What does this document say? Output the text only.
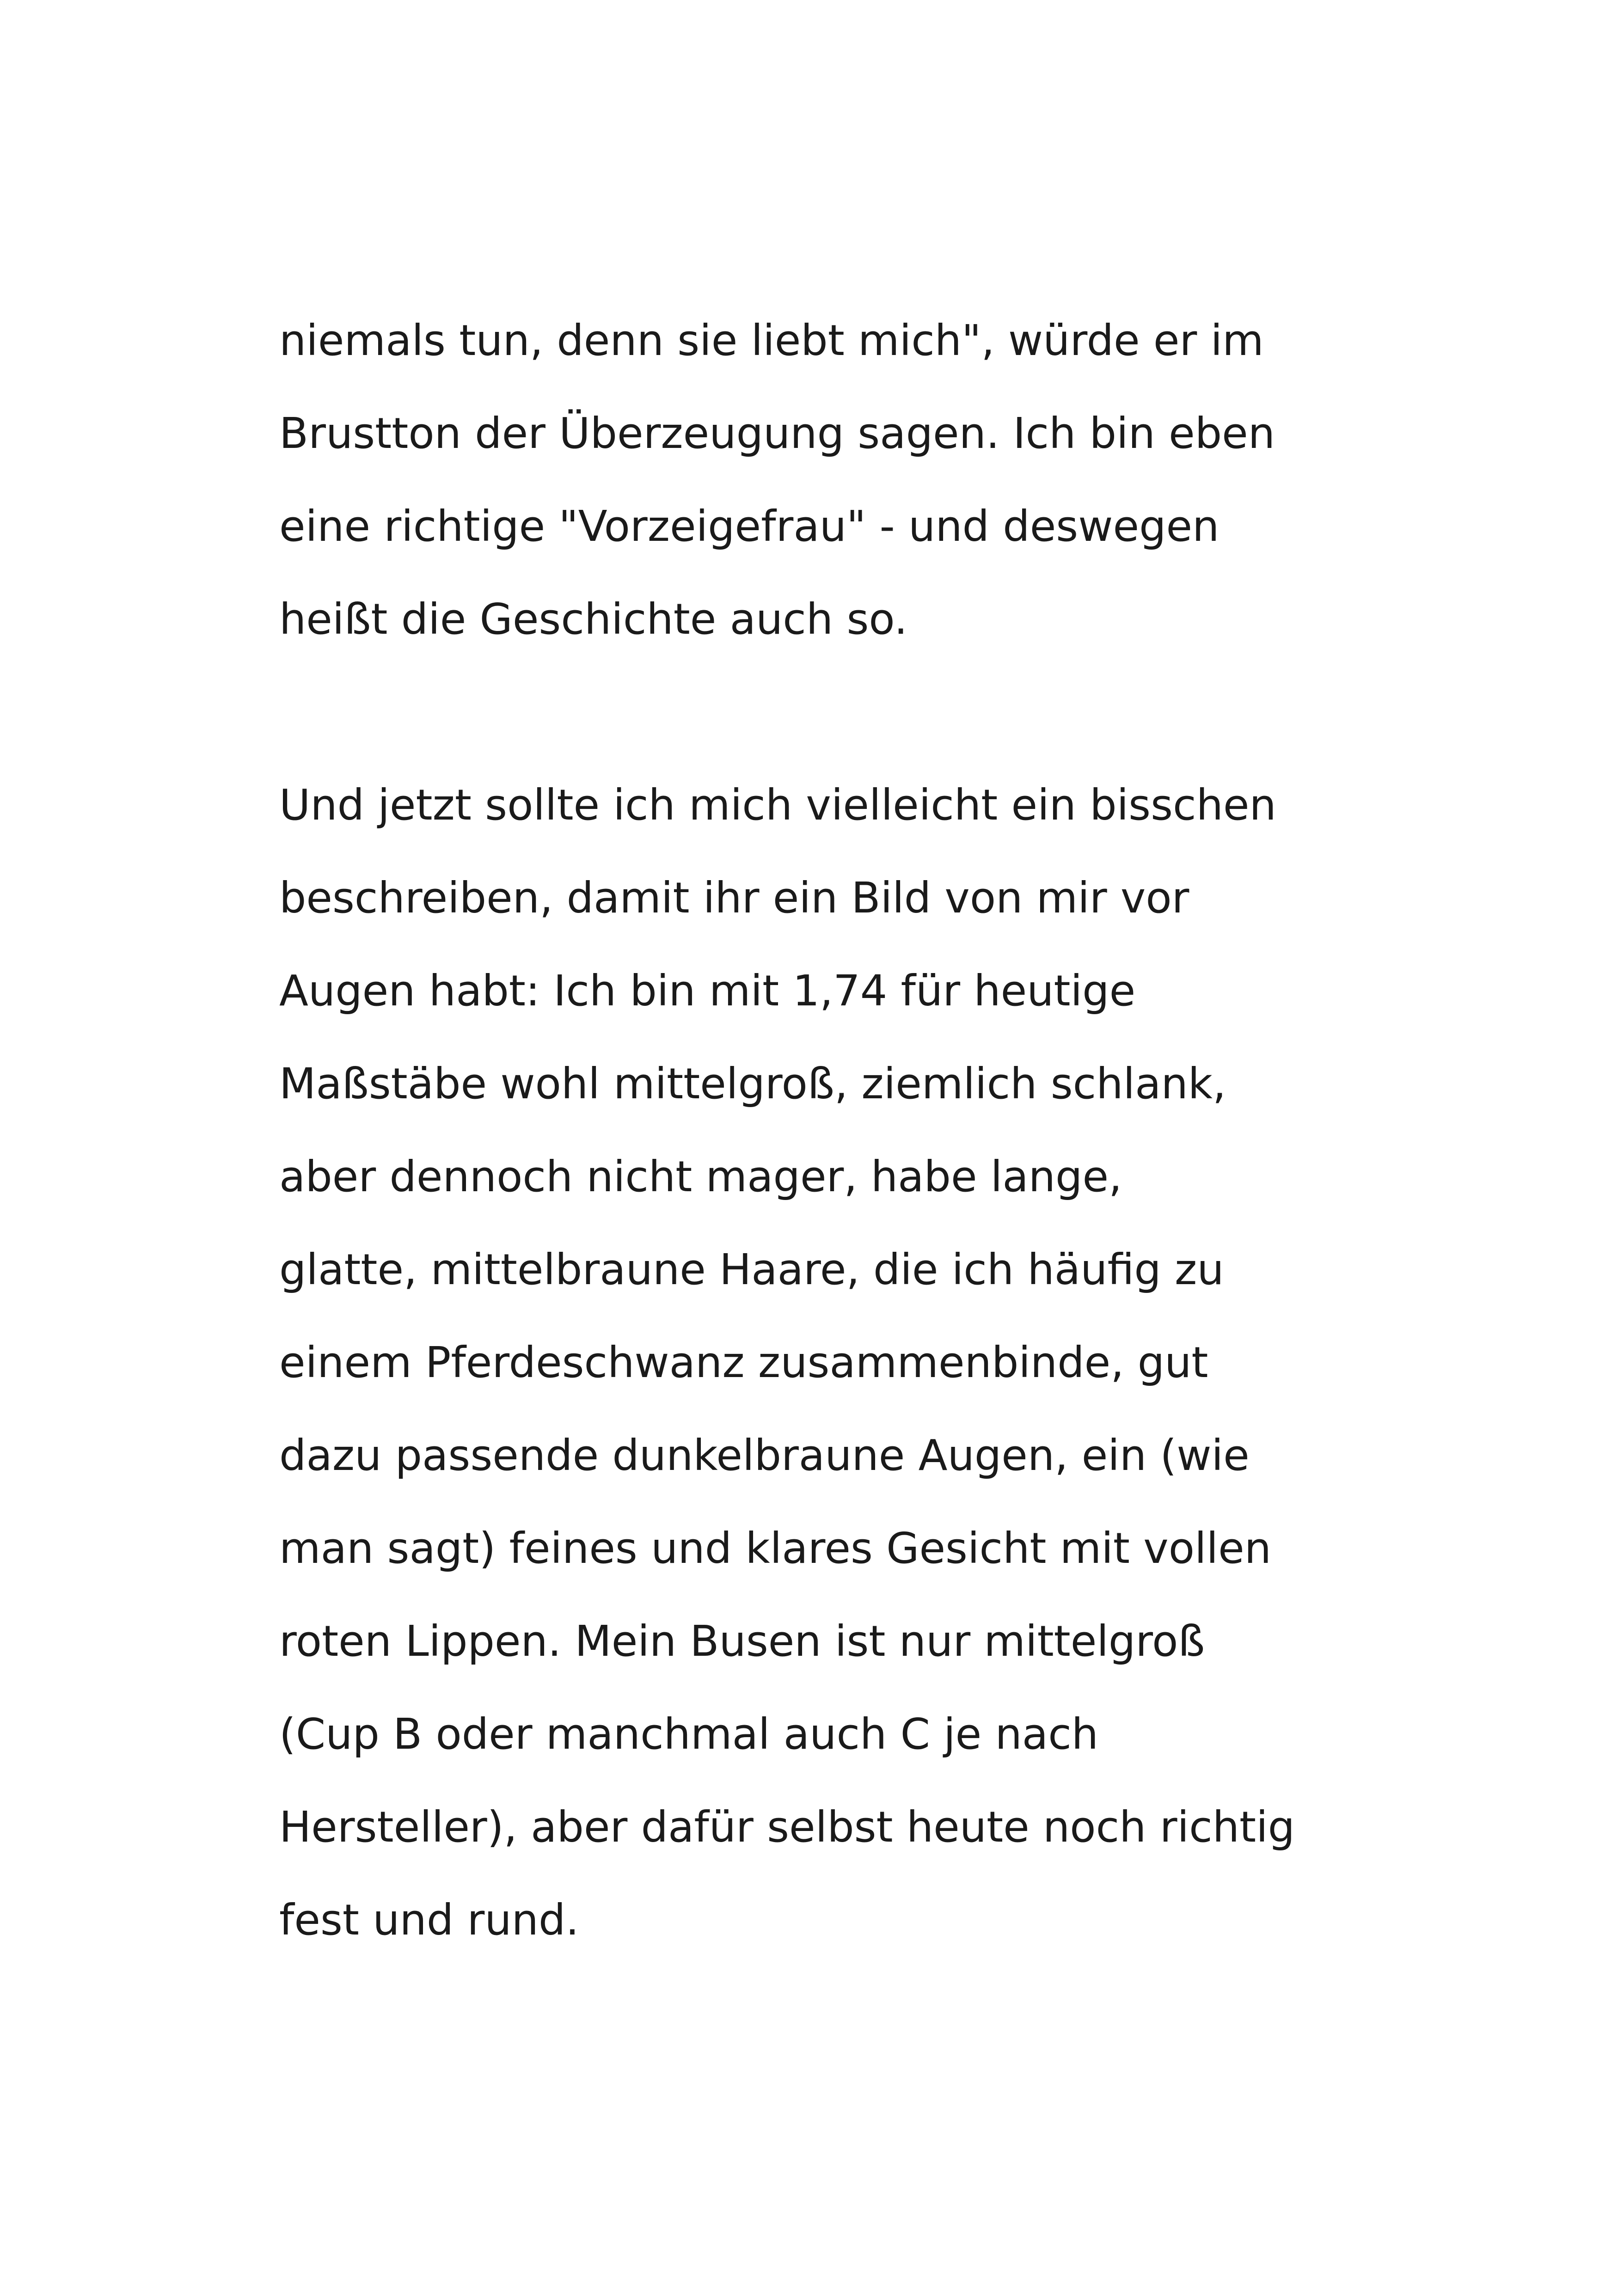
niemals tun, denn sie liebt mich", würde er im
Brustton der Überzeugung sagen. Ich bin eben
eine richtige "Vorzeigefrau" - und deswegen
heißt die Geschichte auch so.
Und jetzt sollte ich mich vielleicht ein bisschen
beschreiben, damit ihr ein Bild von mir vor
Augen habt: Ich bin mit 1,74 für heutige
Maßstäbe wohl mittelgroß, ziemlich schlank,
aber dennoch nicht mager, habe lange,
glatte, mittelbraune Haare, die ich häufig zu
einem Pferdeschwanz zusammenbinde, gut
dazu passende dunkelbraune Augen, ein (wie
man sagt) feines und klares Gesicht mit vollen
roten Lippen. Mein Busen ist nur mittelgroß
(Cup B oder manchmal auch C je nach
Hersteller), aber dafür selbst heute noch richtig
fest und rund.
